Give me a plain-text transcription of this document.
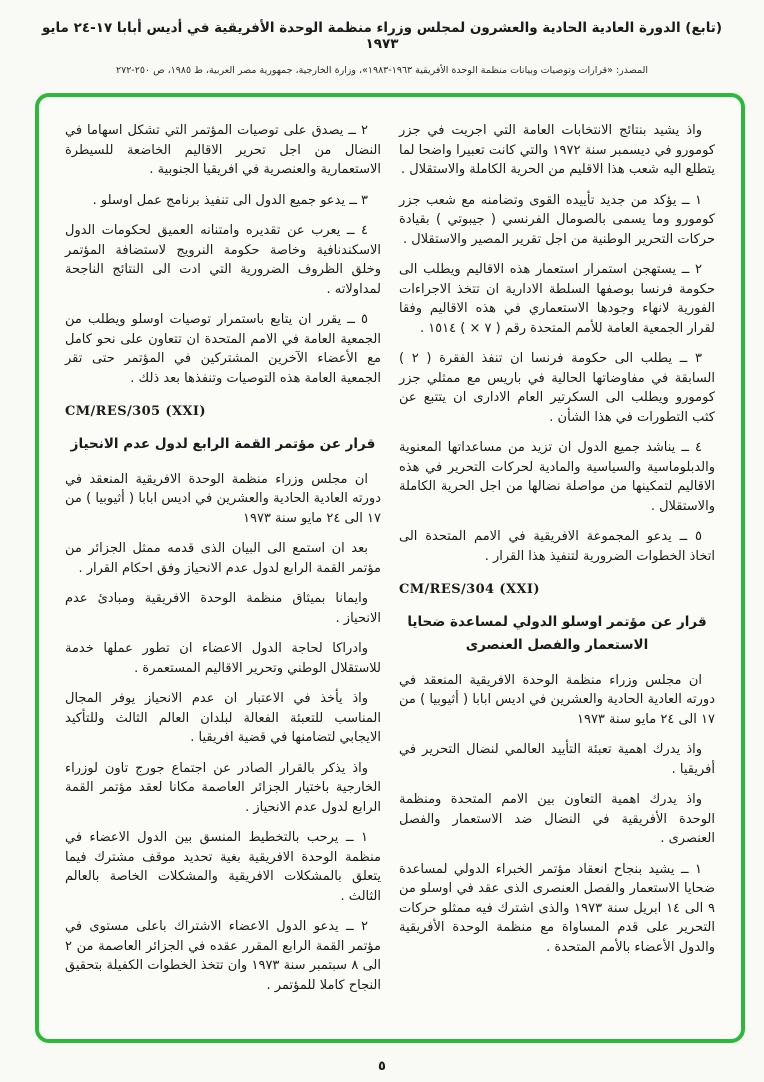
(تابع) الدورة العادية الحادية والعشرون لمجلس وزراء منظمة الوحدة الأفريقية في أديس أبابا ١٧-٢٤ مايو ١٩٧٣
المصدر: «قرارات وتوصيات وبيانات منظمة الوحدة الأفريقية ١٩٦٣-١٩٨٣»، وزارة الخارجية، جمهورية مصر العربية، ط ١٩٨٥، ص ٢٥٠-٢٧٢

واذ يشيد بنتائج الانتخابات العامة التي اجريت في جزر كومورو في ديسمبر سنة ١٩٧٢ والتي كانت تعبيرا واضحا لما يتطلع اليه شعب هذا الاقليم من الحرية الكاملة والاستقلال .

١ ــ يؤكد من جديد تأييده القوى وتضامنه مع شعب جزر كومورو وما يسمى بالصومال الفرنسي ( جيبوتي ) بقيادة حركات التحرير الوطنية من اجل تقرير المصير والاستقلال .

٢ ــ يستهجن استمرار استعمار هذه الاقاليم ويطلب الى حكومة فرنسا بوصفها السلطة الادارية ان تتخذ الاجراءات الفورية لانهاء وجودها الاستعماري في هذه الاقاليم وفقا لقرار الجمعية العامة للأمم المتحدة رقم ( ٧ × ) ١٥١٤ .

٣ ــ يطلب الى حكومة فرنسا ان تنفذ الفقرة ( ٢ ) السابقة في مفاوضاتها الحالية في باريس مع ممثلي جزر كومورو ويطلب الى السكرتير العام الادارى ان يتتبع عن كثب التطورات في هذا الشأن .

٤ ــ يناشد جميع الدول ان تزيد من مساعداتها المعنوية والدبلوماسية والسياسية والمادية لحركات التحرير في هذه الاقاليم لتمكينها من مواصلة نضالها من اجل الحرية الكاملة والاستقلال .

٥ ــ يدعو المجموعة الافريقية في الامم المتحدة الى اتخاذ الخطوات الضرورية لتنفيذ هذا القرار .

CM/RES/304 (XXI)

قرار عن مؤتمر اوسلو الدولي لمساعدة ضحايا الاستعمار والفصل العنصرى

ان مجلس وزراء منظمة الوحدة الافريقية المنعقد في دورته العادية الحادية والعشرين في اديس ابابا ( أثيوبيا ) من ١٧ الى ٢٤ مايو سنة ١٩٧٣

واذ يدرك اهمية تعبئة التأييد العالمي لنضال التحرير في أفريقيا .

واذ يدرك اهمية التعاون بين الامم المتحدة ومنظمة الوحدة الأفريقية في النضال ضد الاستعمار والفصل العنصرى .

١ ــ يشيد بنجاح انعقاد مؤتمر الخبراء الدولي لمساعدة ضحايا الاستعمار والفصل العنصرى الذى عقد في اوسلو من ٩ الى ١٤ ابريل سنة ١٩٧٣ والذى اشترك فيه ممثلو حركات التحرير على قدم المساواة مع منظمة الوحدة الأفريقية والدول الأعضاء بالأمم المتحدة .

٢ ــ يصدق على توصيات المؤتمر التي تشكل اسهاما في النضال من اجل تحرير الاقاليم الخاضعة للسيطرة الاستعمارية والعنصرية في افريقيا الجنوبية .

٣ ــ يدعو جميع الدول الى تنفيذ برنامج عمل اوسلو .

٤ ــ يعرب عن تقديره وامتنانه العميق لحكومات الدول الاسكندنافية وخاصة حكومة النرويج لاستضافة المؤتمر وخلق الظروف الضرورية التي ادت الى النتائج الناجحة لمداولاته .

٥ ــ يقرر ان يتابع باستمرار توصيات اوسلو ويطلب من الجمعية العامة في الامم المتحدة ان تتعاون على نحو كامل مع الأعضاء الآخرين المشتركين في المؤتمر حتى تقر الجمعية العامة هذه التوصيات وتنفذها بعد ذلك .

CM/RES/305 (XXI)

قرار عن مؤتمر القمة الرابع لدول عدم الانحياز

ان مجلس وزراء منظمة الوحدة الافريقية المنعقد في دورته العادية الحادية والعشرين في اديس ابابا ( أثيوبيا ) من ١٧ الى ٢٤ مايو سنة ١٩٧٣

بعد ان استمع الى البيان الذى قدمه ممثل الجزائر من مؤتمر القمة الرابع لدول عدم الانحياز وفق احكام القرار .

وايمانا بميثاق منظمة الوحدة الافريقية ومبادئ عدم الانحياز .

وادراكا لحاجة الدول الاعضاء ان تطور عملها خدمة للاستقلال الوطني وتحرير الاقاليم المستعمرة .

واذ يأخذ في الاعتبار ان عدم الانحياز يوفر المجال المناسب للتعبئة الفعالة لبلدان العالم الثالث وللتأكيد الايجابي لتضامنها في قضية افريقيا .

واذ يذكر بالقرار الصادر عن اجتماع جورج تاون لوزراء الخارجية باختيار الجزائر العاصمة مكانا لعقد مؤتمر القمة الرابع لدول عدم الانحياز .

١ ــ يرحب بالتخطيط المنسق بين الدول الاعضاء في منظمة الوحدة الافريقية بغية تحديد موقف مشترك فيما يتعلق بالمشكلات الافريقية والمشكلات الخاصة بالعالم الثالث .

٢ ــ يدعو الدول الاعضاء الاشتراك باعلى مستوى في مؤتمر القمة الرابع المقرر عقده في الجزائر العاصمة من ٢ الى ٨ سبتمبر سنة ١٩٧٣ وان تتخذ الخطوات الكفيلة بتحقيق النجاح كاملا للمؤتمر .

٥
